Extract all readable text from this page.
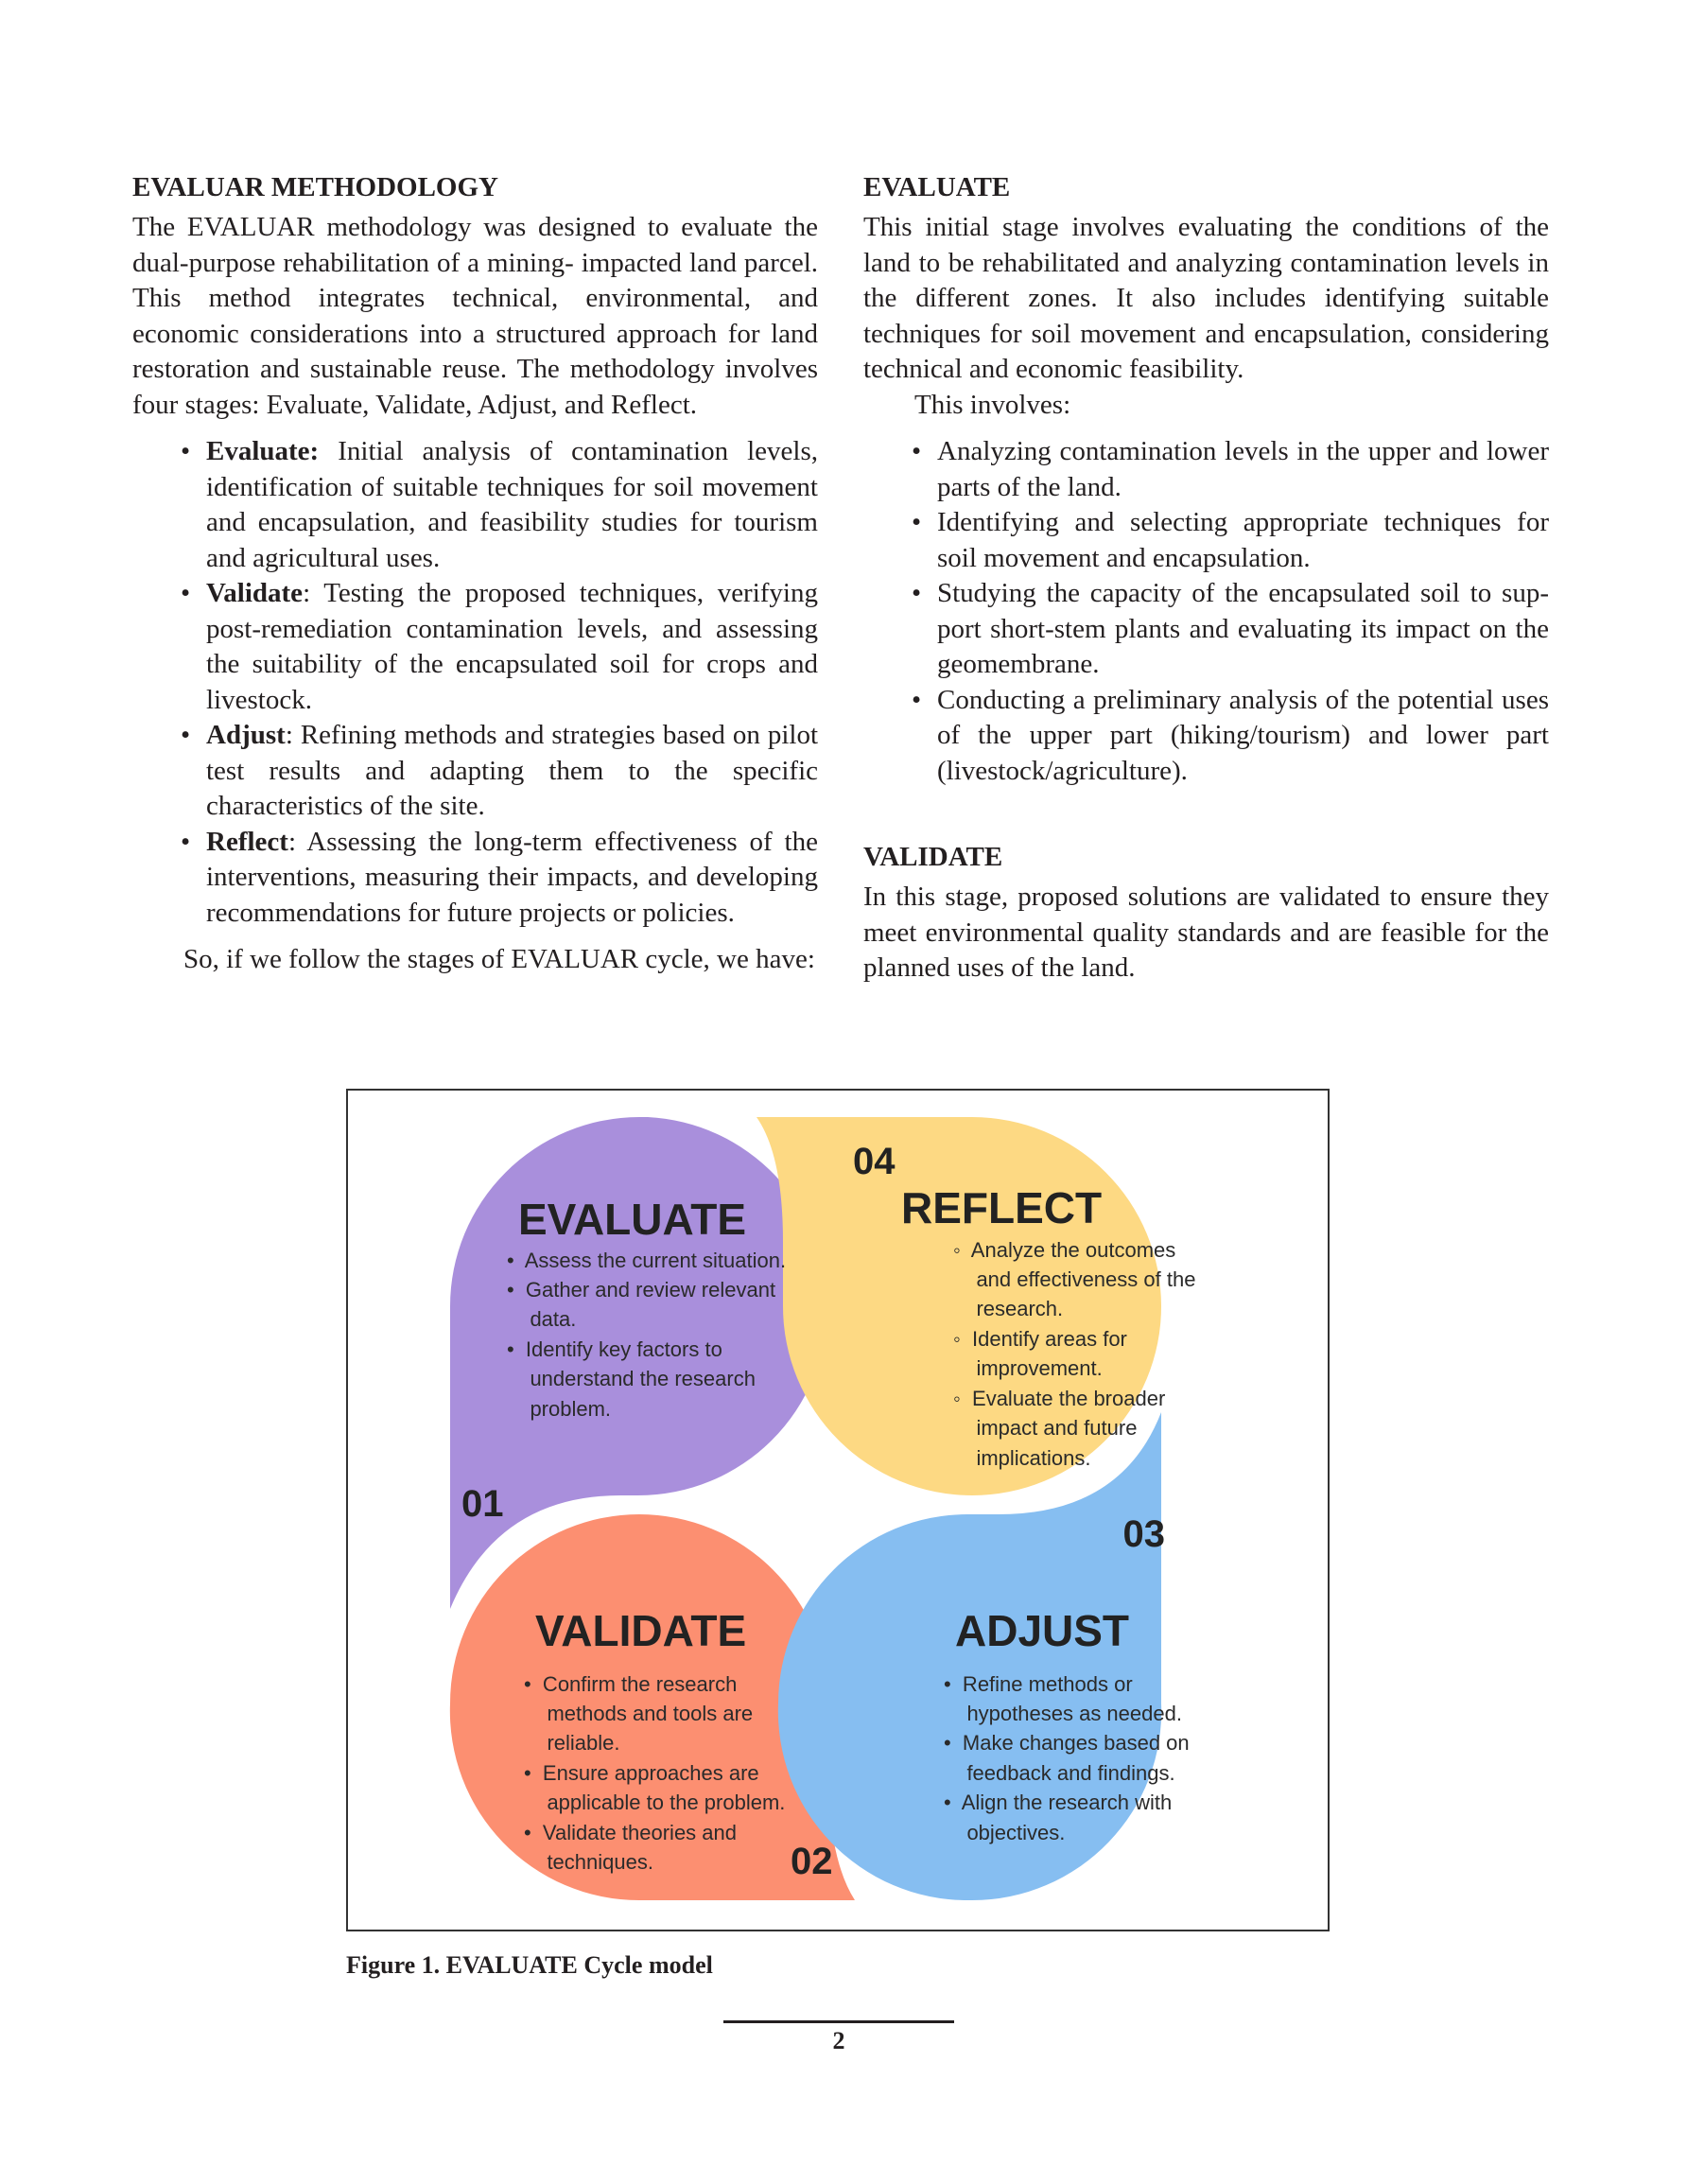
EVALUAR METHODOLOGY

The EVALUAR methodology was designed to evaluate the dual-purpose rehabilitation of a mining- impacted land parcel. This method integrates technical, environmental, and economic considerations into a structured approach for land restoration and sustainable reuse. The methodology involves four stages: Evaluate, Validate, Adjust, and Reflect.

• Evaluate: Initial analysis of contamination levels, identification of suitable techniques for soil movement and encapsulation, and feasibility studies for tourism and agricultural uses.
• Validate: Testing the proposed techniques, verifying post-remediation contamination levels, and assessing the suitability of the encapsulated soil for crops and livestock.
• Adjust: Refining methods and strategies based on pilot test results and adapting them to the specific characteristics of the site.
• Reflect: Assessing the long-term effectiveness of the interventions, measuring their impacts, and developing recommendations for future projects or policies.

So, if we follow the stages of EVALUAR cycle, we have:

EVALUATE

This initial stage involves evaluating the conditions of the land to be rehabilitated and analyzing contamination levels in the different zones. It also includes identifying suitable techniques for soil movement and encapsulation, considering technical and economic feasibility.

This involves:

• Analyzing contamination levels in the upper and lower parts of the land.
• Identifying and selecting appropriate techniques for soil movement and encapsulation.
• Studying the capacity of the encapsulated soil to support short-stem plants and evaluating its impact on the geomembrane.
• Conducting a preliminary analysis of the potential uses of the upper part (hiking/tourism) and lower part (livestock/agriculture).
VALIDATE

In this stage, proposed solutions are validated to ensure they meet environmental quality standards and are feasible for the planned uses of the land.

EVALUATE
•  Assess the current situation.
•  Gather and review relevant
data.
•  Identify key factors to
understand the research
problem.
01
04
REFLECT
◦  Analyze the outcomes
and effectiveness of the
research.
◦  Identify areas for
improvement.
◦  Evaluate the broader
impact and future
implications.
03
VALIDATE
•  Confirm the research
methods and tools are
reliable.
•  Ensure approaches are
applicable to the problem.
•  Validate theories and
techniques.	02
ADJUST
•  Refine methods or
hypotheses as needed.
•  Make changes based on
feedback and findings.
•  Align the research with
objectives.
Figure 1. EVALUATE Cycle model
2
